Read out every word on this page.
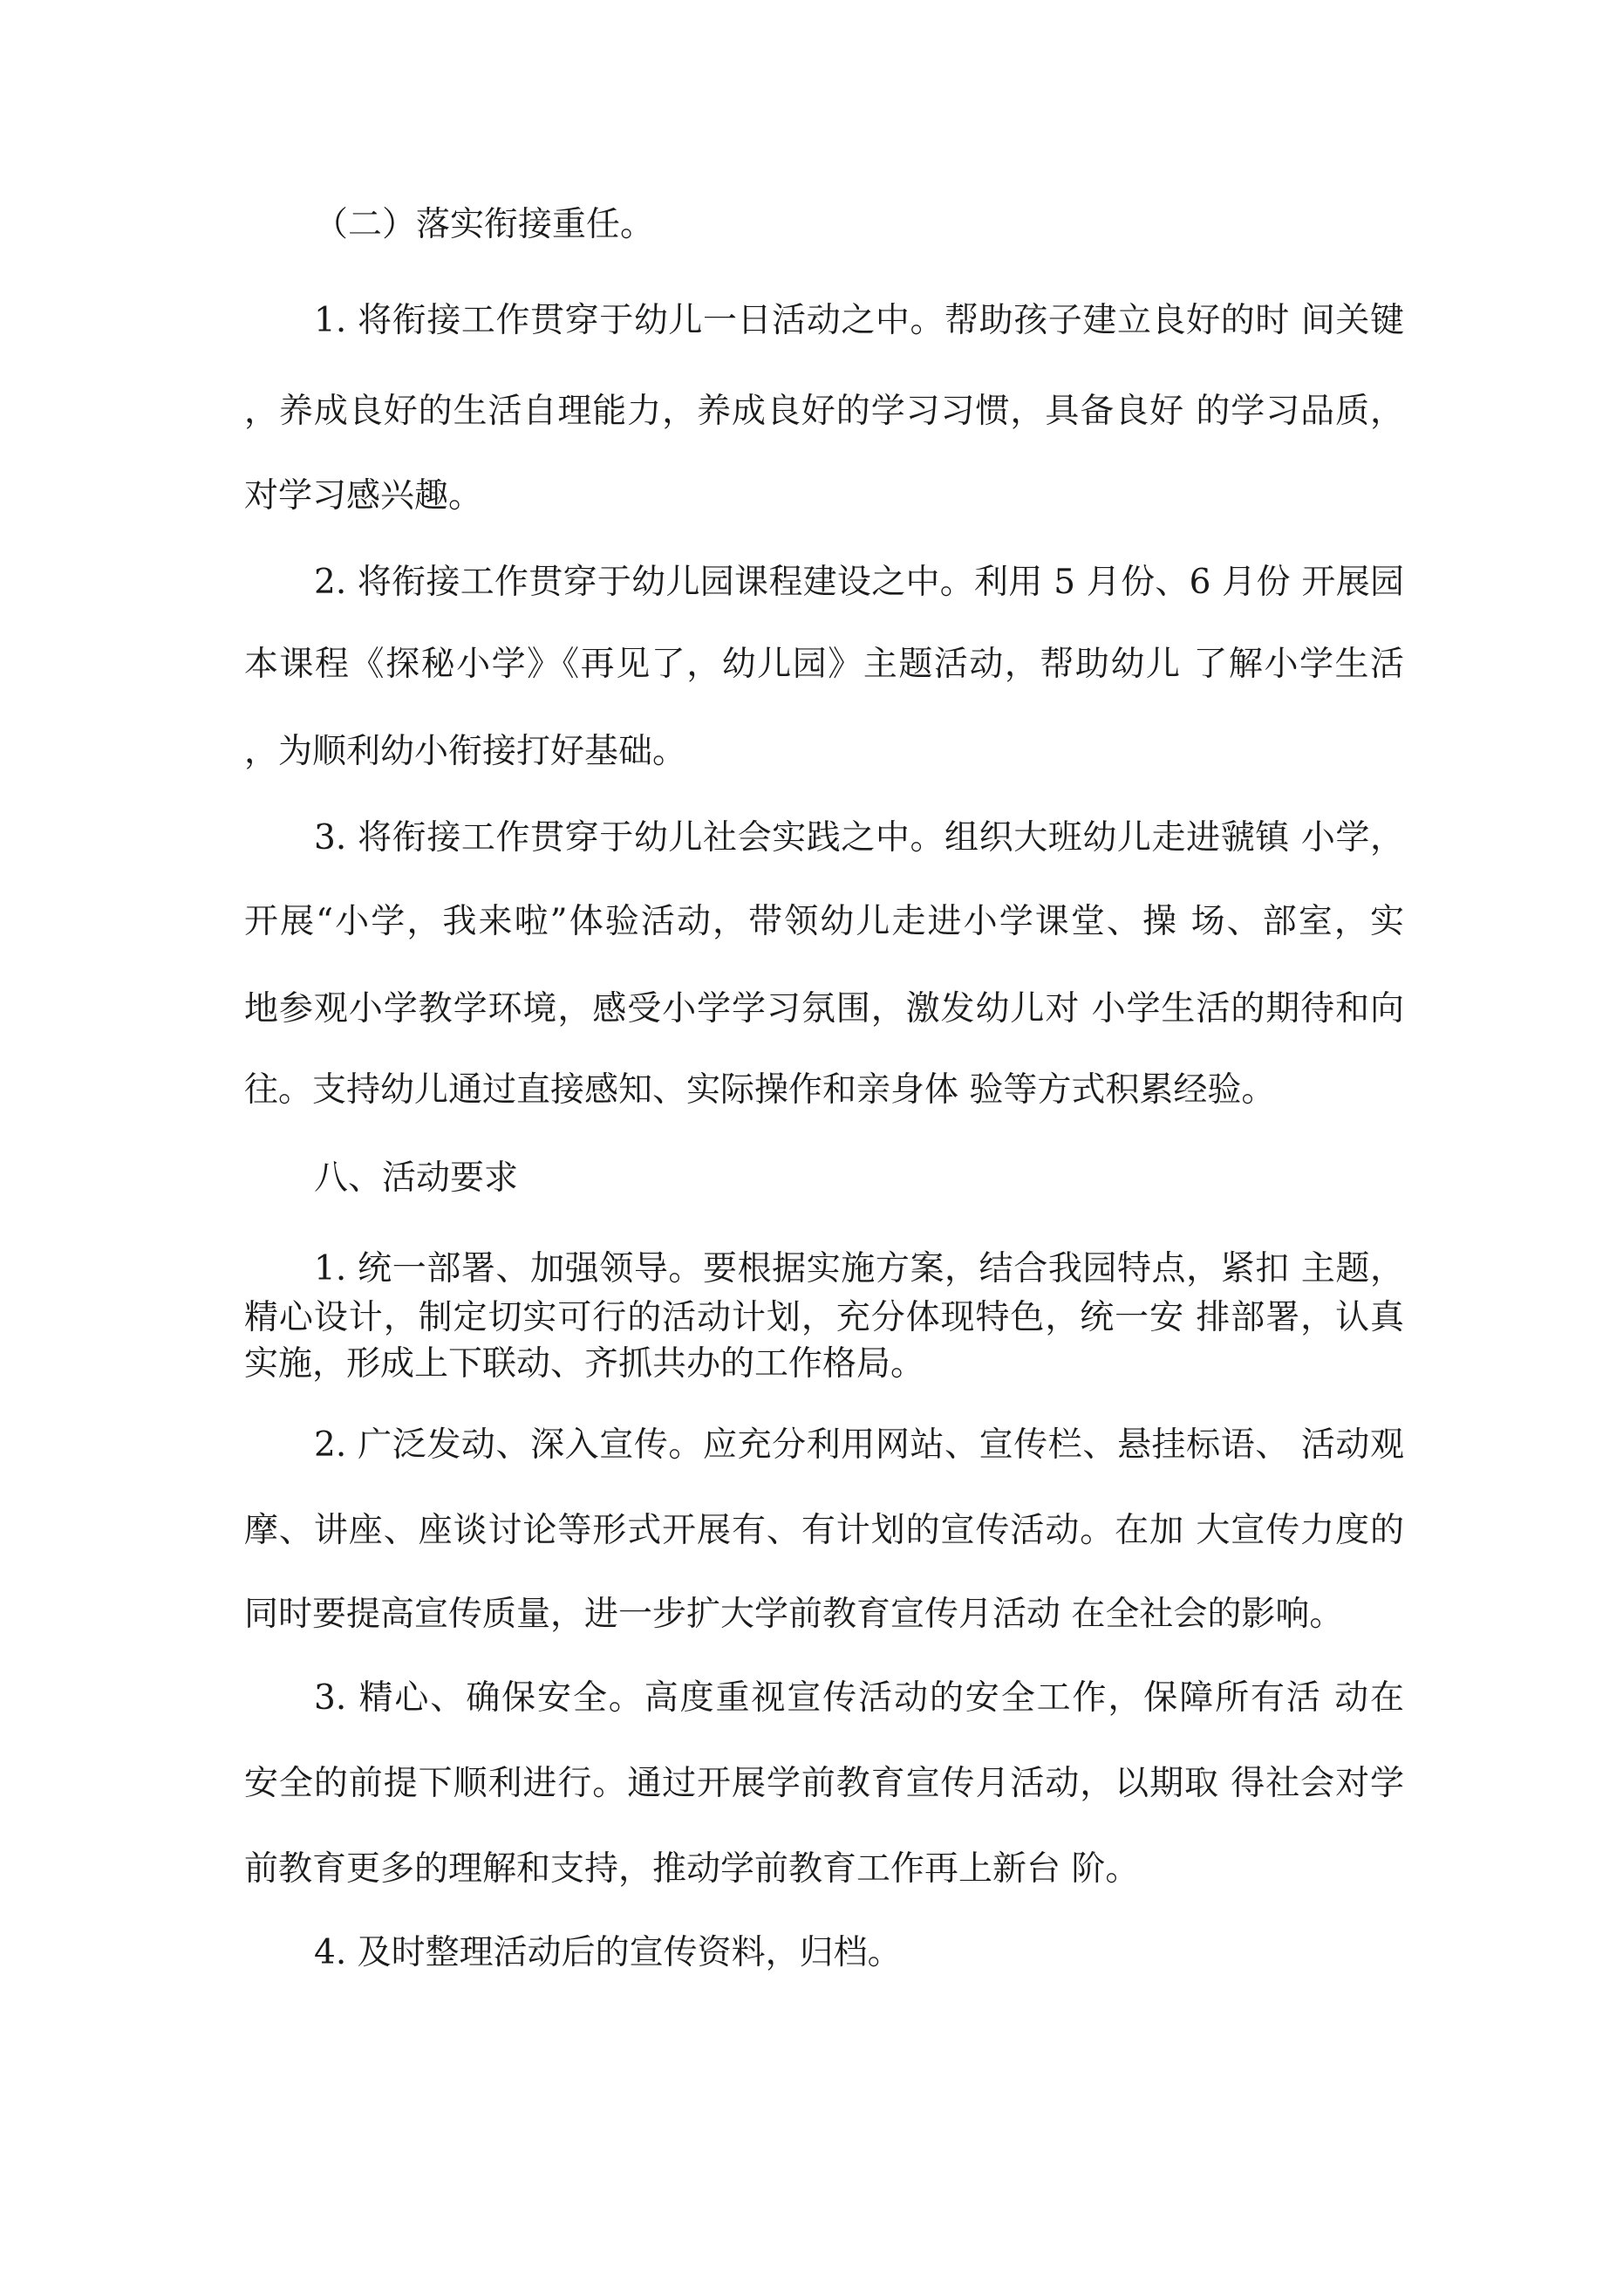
（二）落实衔接重任。
1. 将衔接工作贯穿于幼儿一日活动之中。帮助孩子建立良好的时 间关键
，养成良好的生活自理能力，养成良好的学习习惯，具备良好 的学习品质，
对学习感兴趣。
2. 将衔接工作贯穿于幼儿园课程建设之中。利用 5 月份、6 月份 开展园
本课程《探秘小学》《再见了，幼儿园》主题活动，帮助幼儿 了解小学生活
，为顺利幼小衔接打好基础。
3. 将衔接工作贯穿于幼儿社会实践之中。组织大班幼儿走进虢镇 小学，
开展“小学，我来啦”体验活动，带领幼儿走进小学课堂、操 场、部室，实
地参观小学教学环境，感受小学学习氛围，激发幼儿对 小学生活的期待和向
往。支持幼儿通过直接感知、实际操作和亲身体 验等方式积累经验。
八、活动要求
1. 统一部署、加强领导。要根据实施方案，结合我园特点，紧扣 主题，
精心设计，制定切实可行的活动计划，充分体现特色，统一安 排部署，认真
实施，形成上下联动、齐抓共办的工作格局。
2. 广泛发动、深入宣传。应充分利用网站、宣传栏、悬挂标语、 活动观
摩、讲座、座谈讨论等形式开展有、有计划的宣传活动。在加 大宣传力度的
同时要提高宣传质量，进一步扩大学前教育宣传月活动 在全社会的影响。
3. 精心、确保安全。高度重视宣传活动的安全工作，保障所有活 动在
安全的前提下顺利进行。通过开展学前教育宣传月活动，以期取 得社会对学
前教育更多的理解和支持，推动学前教育工作再上新台 阶。
4. 及时整理活动后的宣传资料，归档。
